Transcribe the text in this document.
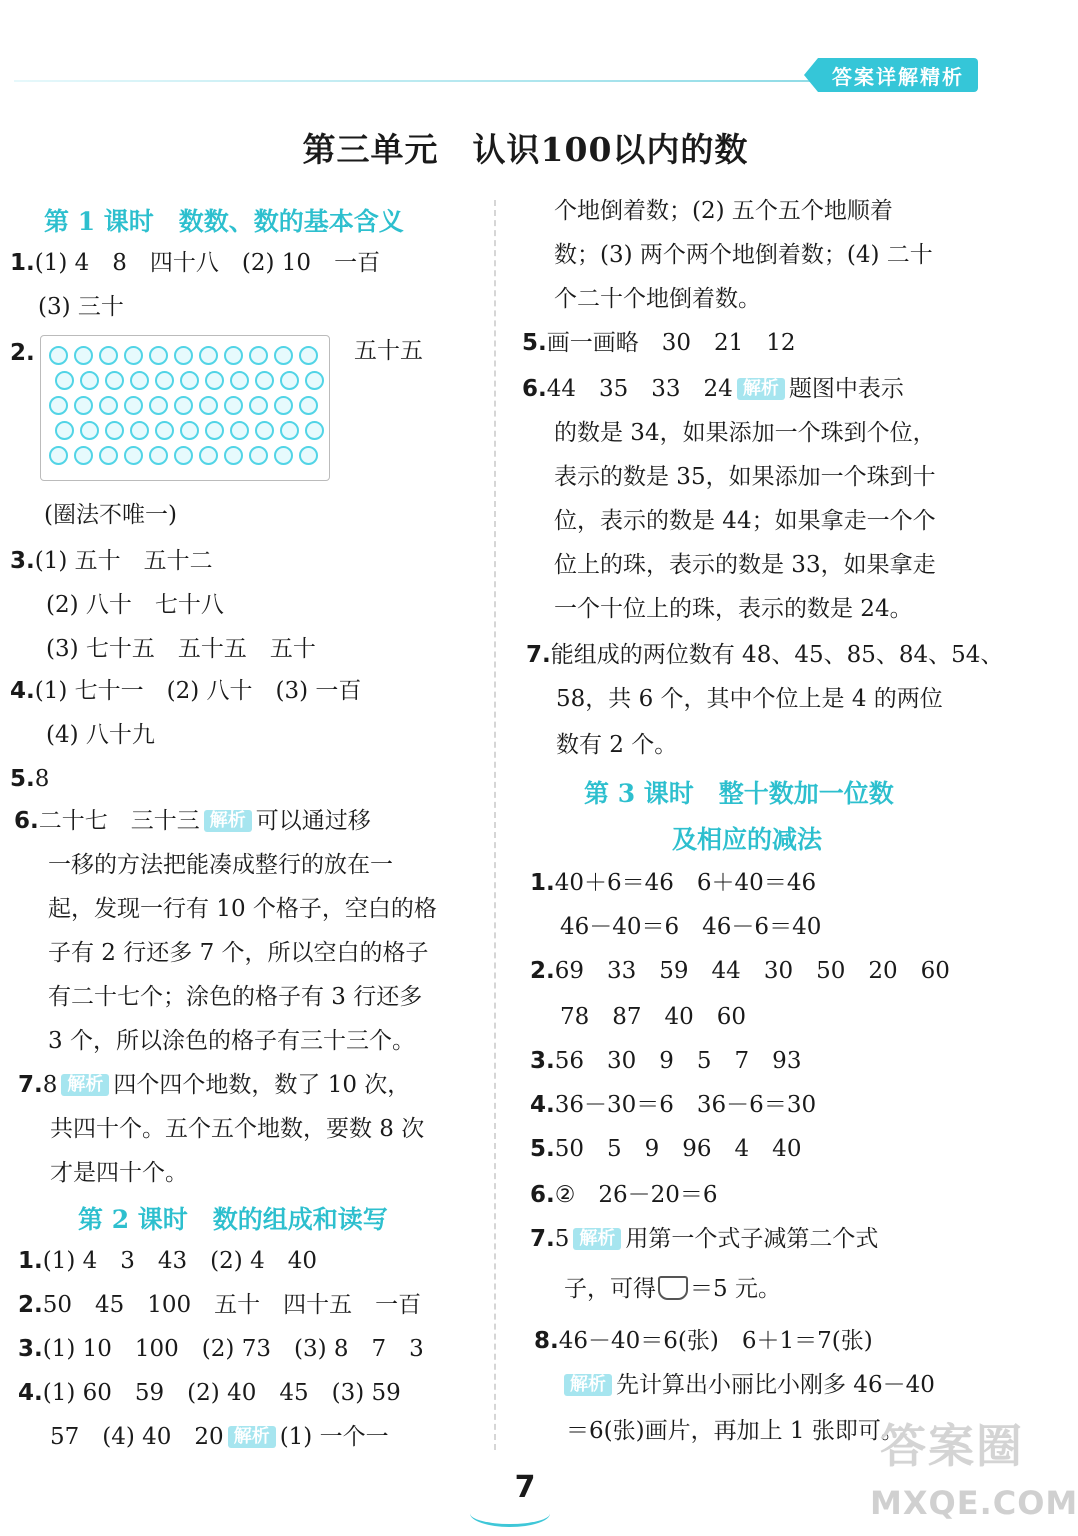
答案详解精析
第三单元　认识100以内的数
第 1 课时　数数、数的基本含义
1.(1) 4　8　四十八　(2) 10　一百
(3) 三十
2.	五十五
(圈法不唯一)
3.(1) 五十　五十二
(2) 八十　七十八
(3) 七十五　五十五　五十
4.(1) 七十一　(2) 八十　(3) 一百
(4) 八十九
5.8
6.二十七　三十三 解析 可以通过移
一移的方法把能凑成整行的放在一
起，发现一行有 10 个格子，空白的格
子有 2 行还多 7 个，所以空白的格子
有二十七个；涂色的格子有 3 行还多
3 个，所以涂色的格子有三十三个。
7.8 解析 四个四个地数，数了 10 次，
共四十个。五个五个地数，要数 8 次
才是四十个。
第 2 课时　数的组成和读写
1.(1) 4　3　43　(2) 4　40
2.50　45　100　五十　四十五　一百
3.(1) 10　100　(2) 73　(3) 8　7　3
4.(1) 60　59　(2) 40　45　(3) 59
57　(4) 40　20 解析 (1) 一个一
个地倒着数；(2) 五个五个地顺着
数；(3) 两个两个地倒着数；(4) 二十
个二十个地倒着数。
5.画一画略　30　21　12
6.44　35　33　24 解析 题图中表示
的数是 34，如果添加一个珠到个位，
表示的数是 35，如果添加一个珠到十
位，表示的数是 44；如果拿走一个个
位上的珠，表示的数是 33，如果拿走
一个十位上的珠，表示的数是 24。
7.能组成的两位数有 48、45、85、84、54、
58，共 6 个，其中个位上是 4 的两位
数有 2 个。
第 3 课时　整十数加一位数
及相应的减法
1.40＋6＝46　6＋40＝46
46－40＝6　46－6＝40
2.69　33　59　44　30　50　20　60
78　87　40　60
3.56　30　9　5　7　93
4.36－30＝6　36－6＝30
5.50　5　9　96　4　40
6.②　26－20＝6
7.5 解析 用第一个式子减第二个式
子，可得 ＝5 元。
8.46－40＝6(张)　6＋1＝7(张)
解析 先计算出小丽比小刚多 46－40
＝6(张)画片，再加上 1 张即可。
7
答案圈
MXQE.COM
